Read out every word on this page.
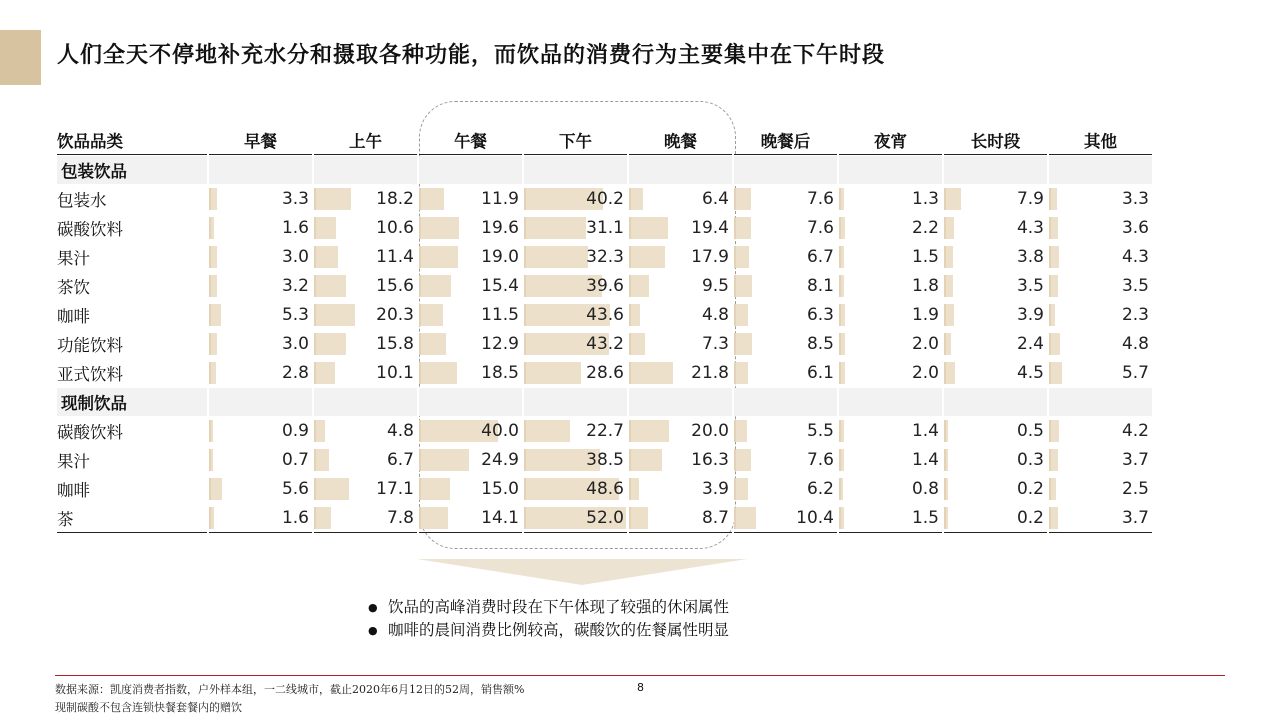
人们全天不停地补充水分和摄取各种功能，而饮品的消费行为主要集中在下午时段
饮品品类	早餐	上午	午餐	下午	晚餐	晚餐后	夜宵	长时段	其他
包装饮品									
包装水	3.3	18.2	11.9	40.2	6.4	7.6	1.3	7.9	3.3
碳酸饮料	1.6	10.6	19.6	31.1	19.4	7.6	2.2	4.3	3.6
果汁	3.0	11.4	19.0	32.3	17.9	6.7	1.5	3.8	4.3
茶饮	3.2	15.6	15.4	39.6	9.5	8.1	1.8	3.5	3.5
咖啡	5.3	20.3	11.5	43.6	4.8	6.3	1.9	3.9	2.3
功能饮料	3.0	15.8	12.9	43.2	7.3	8.5	2.0	2.4	4.8
亚式饮料	2.8	10.1	18.5	28.6	21.8	6.1	2.0	4.5	5.7
现制饮品									
碳酸饮料	0.9	4.8	40.0	22.7	20.0	5.5	1.4	0.5	4.2
果汁	0.7	6.7	24.9	38.5	16.3	7.6	1.4	0.3	3.7
咖啡	5.6	17.1	15.0	48.6	3.9	6.2	0.8	0.2	2.5
茶	1.6	7.8	14.1	52.0	8.7	10.4	1.5	0.2	3.7
● 饮品的高峰消费时段在下午体现了较强的休闲属性
● 咖啡的晨间消费比例较高，碳酸饮的佐餐属性明显
数据来源：凯度消费者指数，户外样本组，一二线城市，截止2020年6月12日的52周，销售额%
现制碳酸不包含连锁快餐套餐内的赠饮
8
